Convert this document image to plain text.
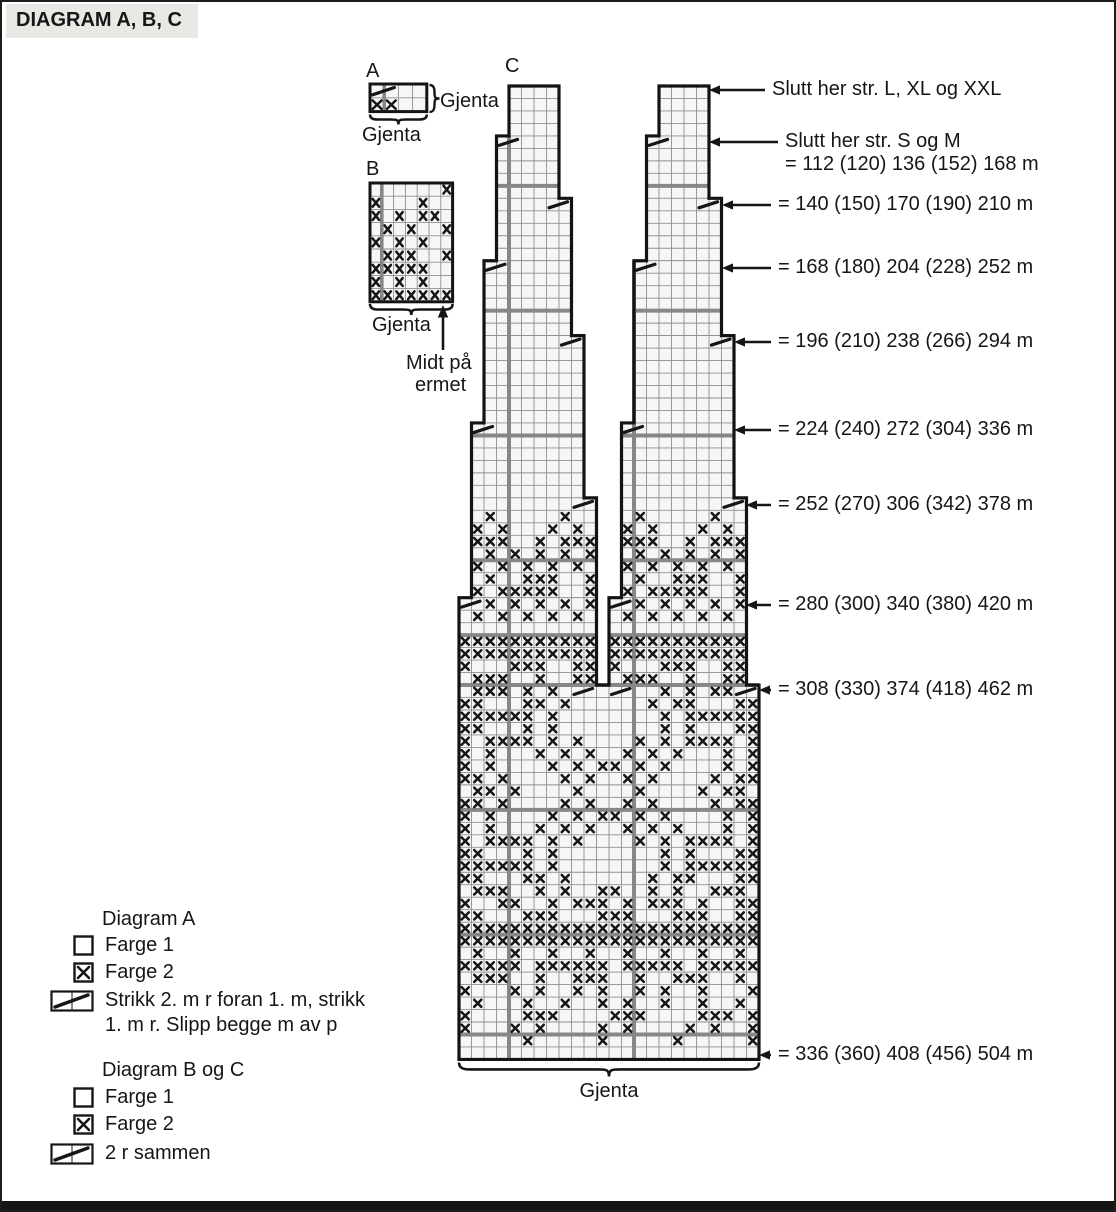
DIAGRAM A, B, C
A
B
C
Gjenta
Gjenta
Gjenta
Midt på
ermet
Gjenta
Slutt her str. L, XL og XXL
Slutt her str. S og M
= 112 (120) 136 (152) 168 m
= 140 (150) 170 (190) 210 m
= 168 (180) 204 (228) 252 m
= 196 (210) 238 (266) 294 m
= 224 (240) 272 (304) 336 m
= 252 (270) 306 (342) 378 m
= 280 (300) 340 (380) 420 m
= 308 (330) 374 (418) 462 m
= 336 (360) 408 (456) 504 m
Diagram A
Farge 1
Farge 2
Strikk 2. m r foran 1. m, strikk
1. m r. Slipp begge m av p
Diagram B og C
Farge 1
Farge 2
2 r sammen
